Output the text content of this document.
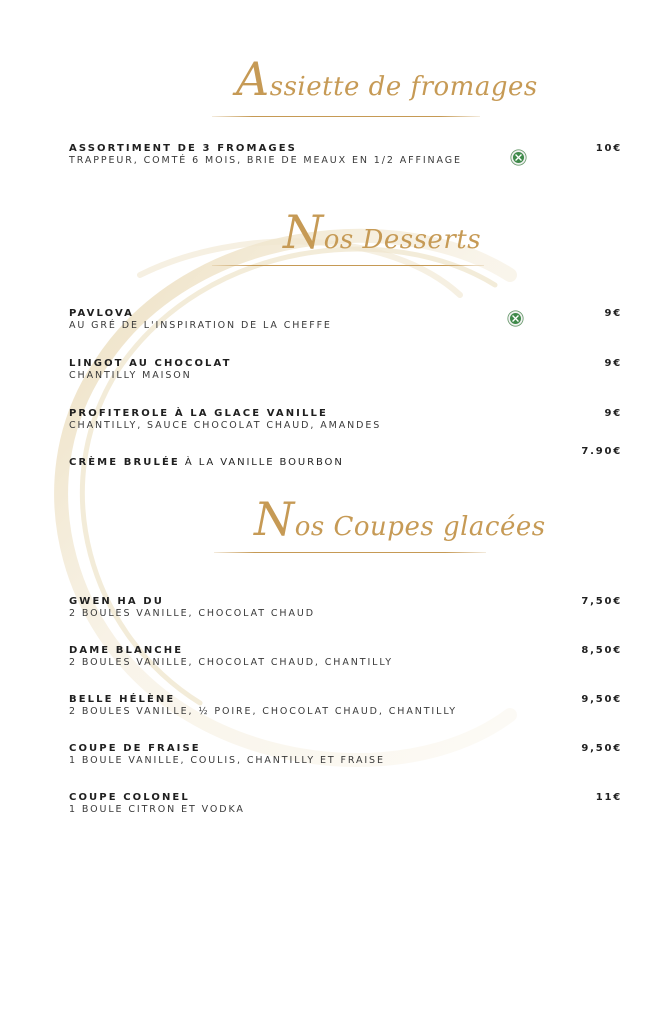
Assiette de fromages
ASSORTIMENT DE 3 FROMAGES
TRAPPEUR, COMTÉ 6 MOIS, BRIE DE MEAUX EN 1/2 AFFINAGE
10€
Nos Desserts
PAVLOVA
AU GRÉ DE L'INSPIRATION DE LA CHEFFE
9€
LINGOT AU CHOCOLAT
CHANTILLY MAISON
9€
PROFITEROLE À LA GLACE VANILLE
CHANTILLY, SAUCE CHOCOLAT CHAUD, AMANDES
9€
7.90€
CRÈME BRULÉE À LA VANILLE BOURBON
Nos Coupes glacées
GWEN HA DU
2 BOULES VANILLE, CHOCOLAT CHAUD
7,50€
DAME BLANCHE
2 BOULES VANILLE, CHOCOLAT CHAUD, CHANTILLY
8,50€
BELLE HÉLÈNE
2 BOULES VANILLE, ½ POIRE, CHOCOLAT CHAUD, CHANTILLY
9,50€
COUPE DE FRAISE
1 BOULE VANILLE, COULIS, CHANTILLY ET FRAISE
9,50€
COUPE COLONEL
1 BOULE CITRON ET VODKA
11€
